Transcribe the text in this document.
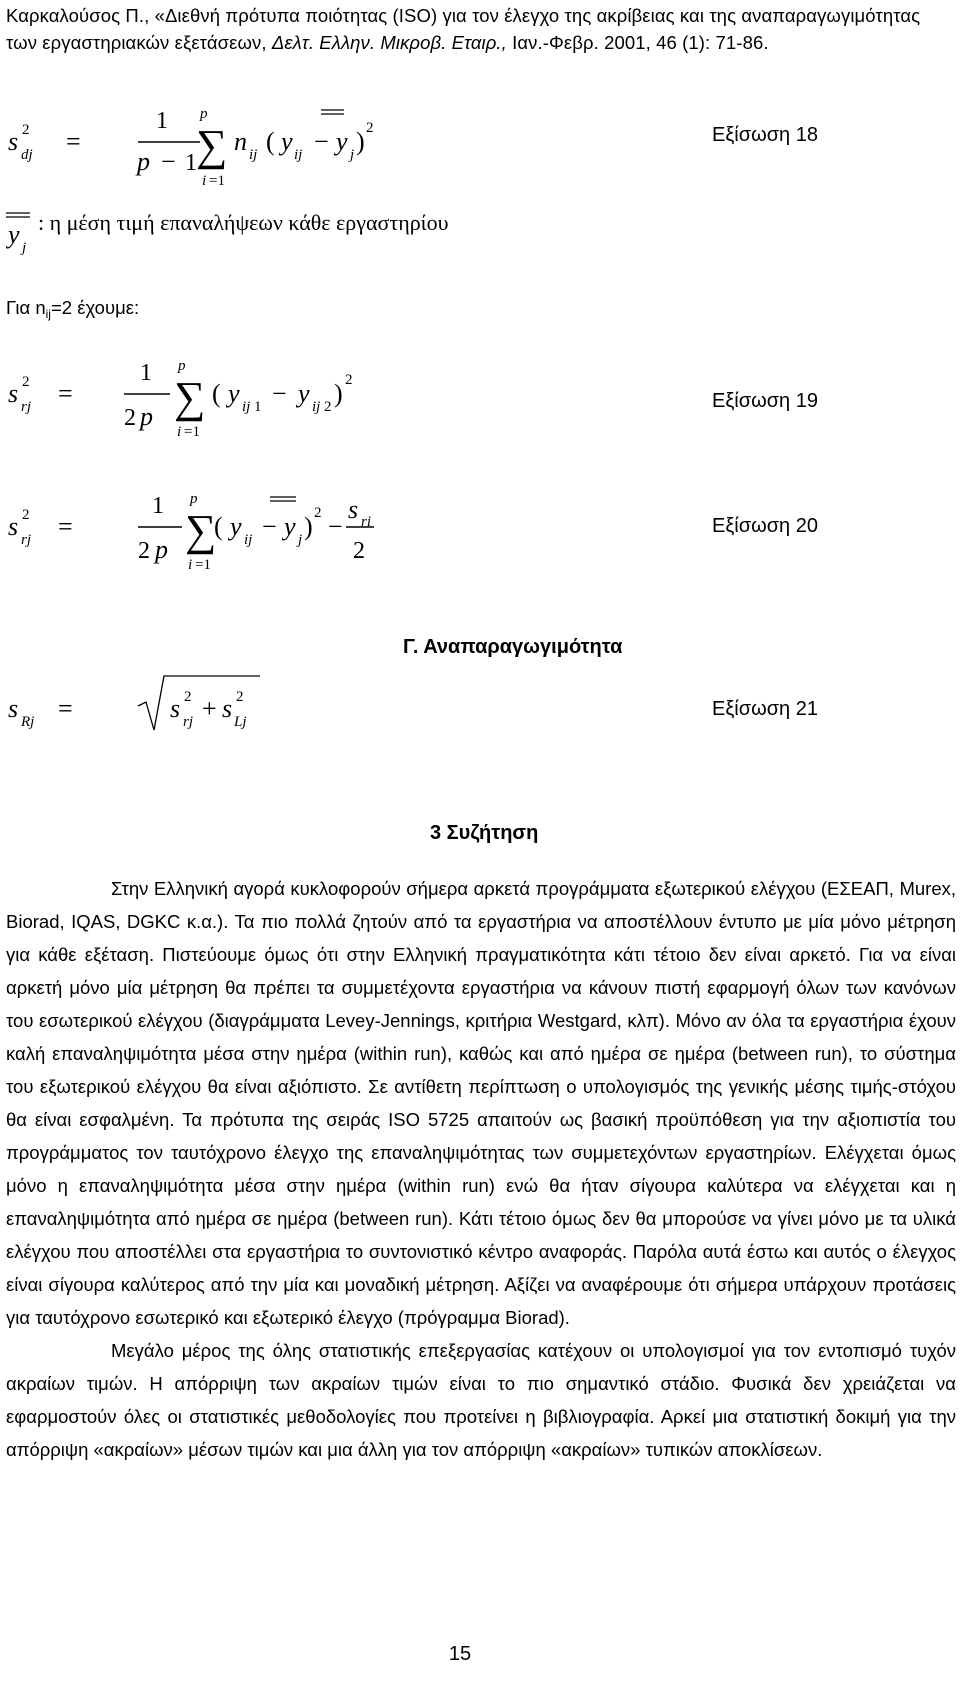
Καρκαλούσος Π., «Διεθνή πρότυπα ποιότητας (ISO) για τον έλεγχο της ακρίβειας και της αναπαραγωγιμότητας των εργαστηριακών εξετάσεων, Δελτ. Ελλην. Μικροβ. Εταιρ., Ιαν.-Φεβρ. 2001, 46 (1): 71-86.
s 2
dj =
1
p − 1
p
∑
i =1
n ij ( y ij − y j ) 2
y j
s 2
rj =
1
2 p
p
∑
i =1
( y ij 1 − y ij 2 ) 2
s 2
rj =
1
2 p
p
∑
i =1
( y ij − y j ) 2 −
s ri
2
s Rj =	s 2
rj + s 2
Lj
Εξίσωση 18
Εξίσωση 19
Εξίσωση 20
Εξίσωση 21
: η μέση τιμή επαναλήψεων κάθε εργαστηρίου
Για $n_{ij}=2$ έχουμε:
Γ. Αναπαραγωγιμότητα
3 Συζήτηση

Στην Ελληνική αγορά κυκλοφορούν σήμερα αρκετά προγράμματα εξωτερικού ελέγχου (ΕΣΕΑΠ, Murex, Biorad, IQAS, DGKC κ.α.). Τα πιο πολλά ζητούν από τα εργαστήρια να αποστέλλουν έντυπο με μία μόνο μέτρηση για κάθε εξέταση. Πιστεύουμε όμως ότι στην Ελληνική πραγματικότητα κάτι τέτοιο δεν είναι αρκετό. Για να είναι αρκετή μόνο μία μέτρηση θα πρέπει τα συμμετέχοντα εργαστήρια να κάνουν πιστή εφαρμογή όλων των κανόνων του εσωτερικού ελέγχου (διαγράμματα Levey-Jennings, κριτήρια Westgard, κλπ). Μόνο αν όλα τα εργαστήρια έχουν καλή επαναληψιμότητα μέσα στην ημέρα (within run), καθώς και από ημέρα σε ημέρα (between run), το σύστημα του εξωτερικού ελέγχου θα είναι αξιόπιστο. Σε αντίθετη περίπτωση ο υπολογισμός της γενικής μέσης τιμής-στόχου θα είναι εσφαλμένη. Τα πρότυπα της σειράς ISO 5725 απαιτούν ως βασική προϋπόθεση για την αξιοπιστία του προγράμματος τον ταυτόχρονο έλεγχο της επαναληψιμότητας των συμμετεχόντων εργαστηρίων. Ελέγχεται όμως μόνο η επαναληψιμότητα μέσα στην ημέρα (within run) ενώ θα ήταν σίγουρα καλύτερα να ελέγχεται και η επαναληψιμότητα από ημέρα σε ημέρα (between run). Κάτι τέτοιο όμως δεν θα μπορούσε να γίνει μόνο με τα υλικά ελέγχου που αποστέλλει στα εργαστήρια το συντονιστικό κέντρο αναφοράς. Παρόλα αυτά έστω και αυτός ο έλεγχος είναι σίγουρα καλύτερος από την μία και μοναδική μέτρηση. Αξίζει να αναφέρουμε ότι σήμερα υπάρχουν προτάσεις για ταυτόχρονο εσωτερικό και εξωτερικό έλεγχο (πρόγραμμα Biorad).

Μεγάλο μέρος της όλης στατιστικής επεξεργασίας κατέχουν οι υπολογισμοί για τον εντοπισμό τυχόν ακραίων τιμών. Η απόρριψη των ακραίων τιμών είναι το πιο σημαντικό στάδιο. Φυσικά δεν χρειάζεται να εφαρμοστούν όλες οι στατιστικές μεθοδολογίες που προτείνει η βιβλιογραφία. Αρκεί μια στατιστική δοκιμή για την απόρριψη «ακραίων» μέσων τιμών και μια άλλη για τον απόρριψη «ακραίων» τυπικών αποκλίσεων.

15
